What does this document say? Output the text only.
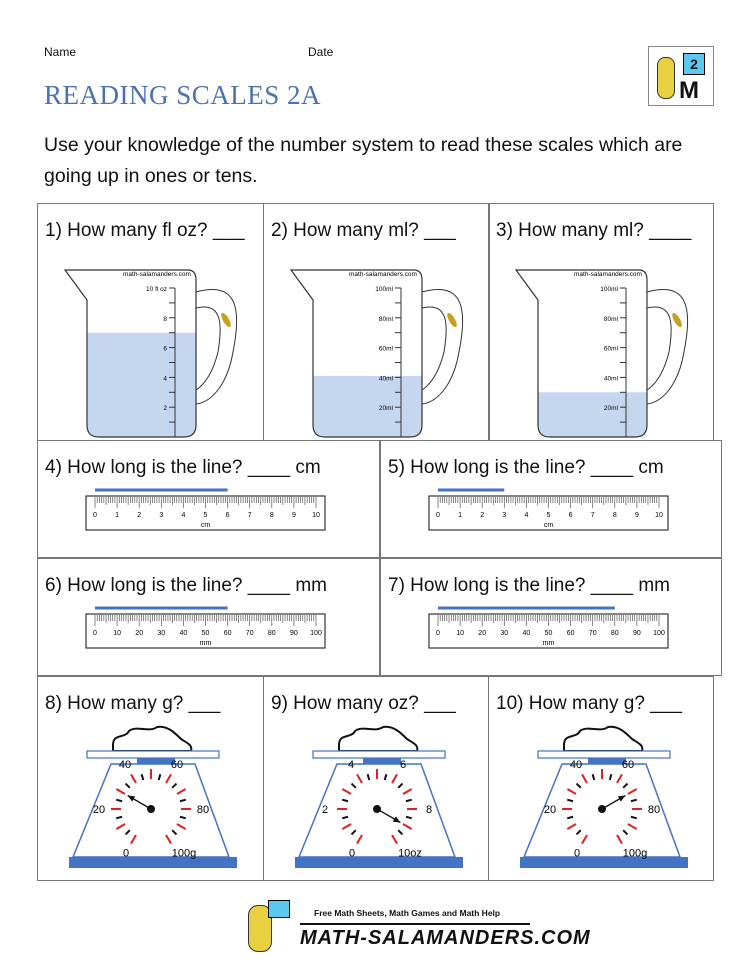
Name	Date
READING SCALES 2A
2
M
Use your knowledge of the number system to read these scales which are going up in ones or tens.
1) How many fl oz? ___
math-salamanders.com
10 fl oz
8
6
4
2
2) How many ml? ___
math-salamanders.com
100ml
80ml
60ml
40ml
20ml
3) How many ml? ____
math-salamanders.com
100ml
80ml
60ml
40ml
20ml
4) How long is the line? ____ cm
0	1	2	3	4	5	6	7	8	9 10
cm
5) How long is the line? ____ cm
0	1	2	3	4	5	6	7	8	9 10
cm
6) How long is the line? ____ mm
0 10 20 30 40 50 60 70 80 90 100
mm
7) How long is the line? ____ mm
0 10 20 30 40 50 60 70 80 90 100
mm
8) How many g? ___
0
20
40	60
80
100g
9) How many oz? ___
0
2
4	6
8
10oz
10) How many g? ___
0
20
40	60
80
100g
Free Math Sheets, Math Games and Math Help
MATH-SALAMANDERS.COM
